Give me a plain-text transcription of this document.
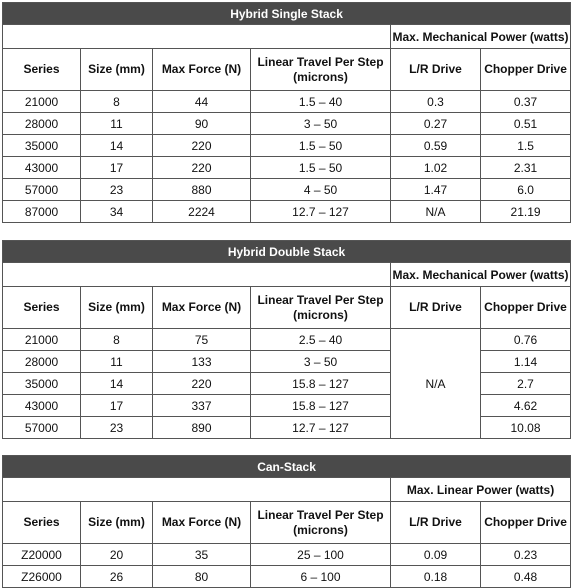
Hybrid Single Stack					
				Max. Mechanical Power (watts)	
Series	Size (mm)	Max Force (N)	Linear Travel Per Step (microns)	L/R Drive	Chopper Drive
21000	8	44	1.5 – 40	0.3	0.37
28000	11	90	3 – 50	0.27	0.51
35000	14	220	1.5 – 50	0.59	1.5
43000	17	220	1.5 – 50	1.02	2.31
57000	23	880	4 – 50	1.47	6.0
87000	34	2224	12.7 – 127	N/A	21.19
Hybrid Double Stack					
				Max. Mechanical Power (watts)	
Series	Size (mm)	Max Force (N)	Linear Travel Per Step (microns)	L/R Drive	Chopper Drive
21000	8	75	2.5 – 40	N/A	0.76
28000	11	133	3 – 50		1.14
35000	14	220	15.8 – 127		2.7
43000	17	337	15.8 – 127		4.62
57000	23	890	12.7 – 127		10.08
Can-Stack					
				Max. Linear Power (watts)	
Series	Size (mm)	Max Force (N)	Linear Travel Per Step (microns)	L/R Drive	Chopper Drive
Z20000	20	35	25 – 100	0.09	0.23
Z26000	26	80	6 – 100	0.18	0.48
